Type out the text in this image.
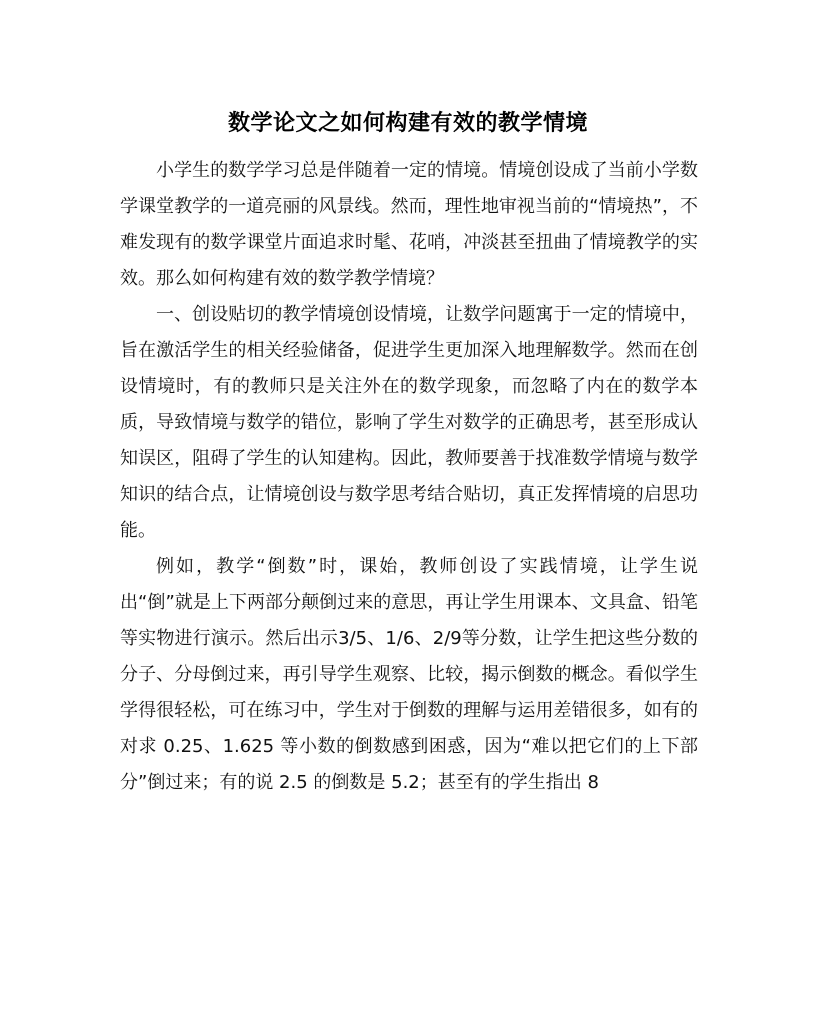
数学论文之如何构建有效的教学情境

小学生的数学学习总是伴随着一定的情境。情境创设成了当前小学数学课堂教学的一道亮丽的风景线。然而，理性地审视当前的“情境热”，不难发现有的数学课堂片面追求时髦、花哨，冲淡甚至扭曲了情境教学的实效。那么如何构建有效的数学教学情境？

一、创设贴切的教学情境创设情境，让数学问题寓于一定的情境中，旨在激活学生的相关经验储备，促进学生更加深入地理解数学。然而在创设情境时，有的教师只是关注外在的数学现象，而忽略了内在的数学本质，导致情境与数学的错位，影响了学生对数学的正确思考，甚至形成认知误区，阻碍了学生的认知建构。因此，教师要善于找准数学情境与数学知识的结合点，让情境创设与数学思考结合贴切，真正发挥情境的启思功能。

例如，教学“倒数”时，课始，教师创设了实践情境，让学生说出“倒”就是上下两部分颠倒过来的意思，再让学生用课本、文具盒、铅笔等实物进行演示。然后出示3/5、1/6、2/9等分数，让学生把这些分数的分子、分母倒过来，再引导学生观察、比较，揭示倒数的概念。看似学生学得很轻松，可在练习中，学生对于倒数的理解与运用差错很多，如有的对求 0.25、1.625 等小数的倒数感到困惑，因为“难以把它们的上下部分”倒过来；有的说 2.5 的倒数是 5.2；甚至有的学生指出 8
